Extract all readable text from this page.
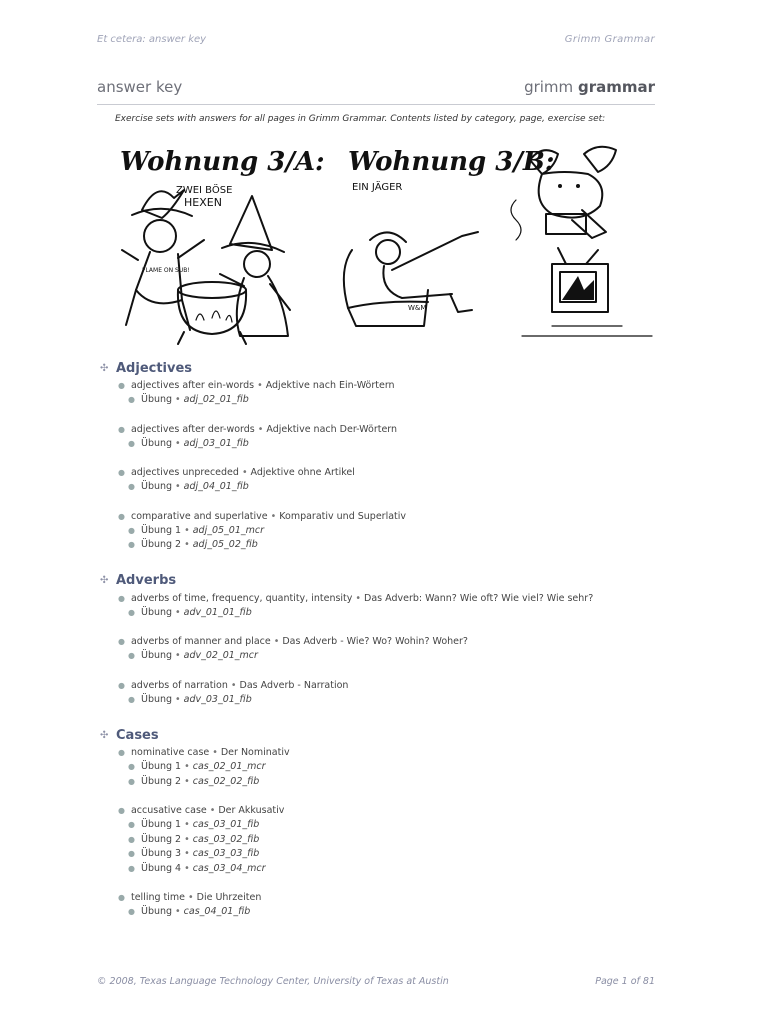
Et cetera: answer key	Grimm Grammar
answer key	grimm grammar
Exercise sets with answers for all pages in Grimm Grammar. Contents listed by category, page, exercise set:
Wohnung 3/A:
ZWEI BÖSE
HEXEN
FLAME ON SUB!
Wohnung 3/B:
EIN JÄGER
W&M
✣ Adjectives
● adjectives after ein-words • Adjektive nach Ein-Wörtern
● Übung • adj_02_01_fib
● adjectives after der-words • Adjektive nach Der-Wörtern
● Übung • adj_03_01_fib
● adjectives unpreceded • Adjektive ohne Artikel
● Übung • adj_04_01_fib
● comparative and superlative • Komparativ und Superlativ
● Übung 1 • adj_05_01_mcr
● Übung 2 • adj_05_02_fib
✣ Adverbs
● adverbs of time, frequency, quantity, intensity • Das Adverb: Wann? Wie oft? Wie viel? Wie sehr?
● Übung • adv_01_01_fib
● adverbs of manner and place • Das Adverb - Wie? Wo? Wohin? Woher?
● Übung • adv_02_01_mcr
● adverbs of narration • Das Adverb - Narration
● Übung • adv_03_01_fib
✣ Cases
● nominative case • Der Nominativ
● Übung 1 • cas_02_01_mcr
● Übung 2 • cas_02_02_fib
● accusative case • Der Akkusativ
● Übung 1 • cas_03_01_fib
● Übung 2 • cas_03_02_fib
● Übung 3 • cas_03_03_fib
● Übung 4 • cas_03_04_mcr
● telling time • Die Uhrzeiten
● Übung • cas_04_01_fib
© 2008, Texas Language Technology Center, University of Texas at Austin	Page 1 of 81
